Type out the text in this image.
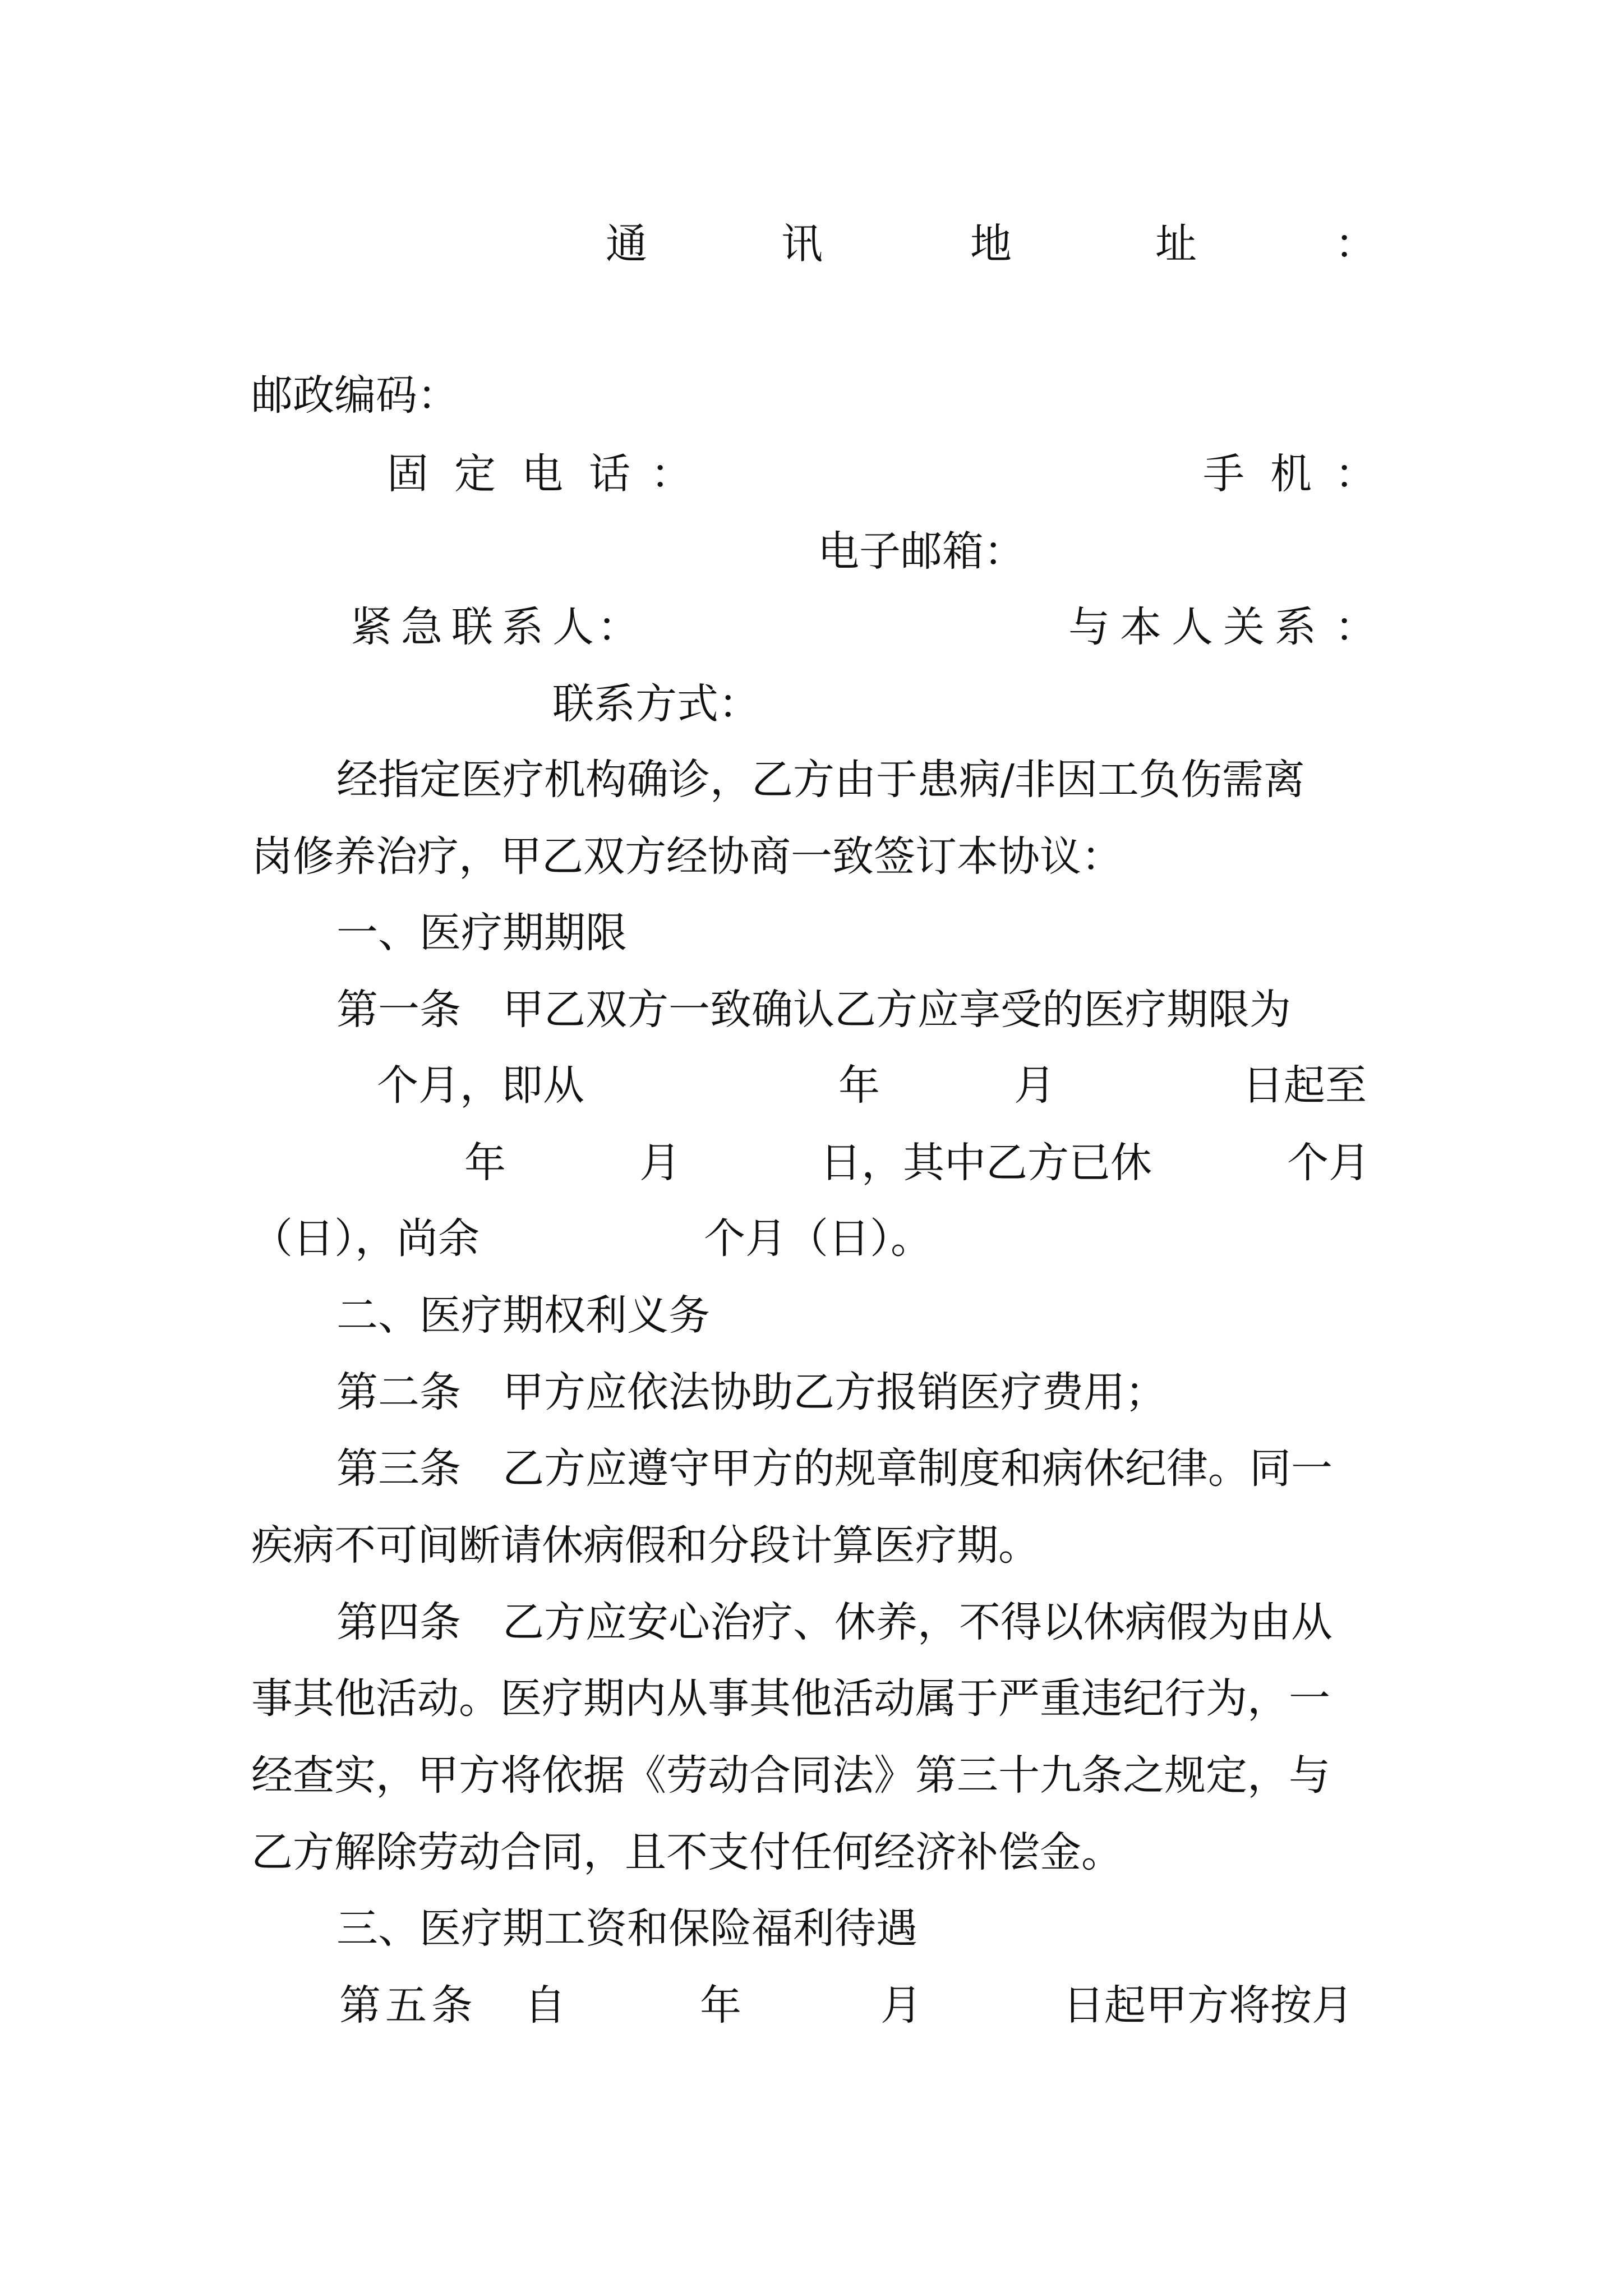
通	讯	地	址	：

邮政编码：

固 定 电 话 ：	手 机 ：

电子邮箱：

紧 急 联 系 人 ：	与 本 人 关 系 ：

联系方式：

经指定医疗机构确诊，乙方由于患病/非因工负伤需离

岗修养治疗，甲乙双方经协商一致签订本协议：

一、医疗期期限

第一条　甲乙双方一致确认乙方应享受的医疗期限为

个月，即从	年	月	日起至
年	月	日，其中乙方已休	个月
（日），尚余	个月（日）。

二、医疗期权利义务

第二条　甲方应依法协助乙方报销医疗费用；

第三条　乙方应遵守甲方的规章制度和病休纪律。同一

疾病不可间断请休病假和分段计算医疗期。

第四条　乙方应安心治疗、休养，不得以休病假为由从

事其他活动。医疗期内从事其他活动属于严重违纪行为，一

经查实，甲方将依据《劳动合同法》第三十九条之规定，与

乙方解除劳动合同，且不支付任何经济补偿金。

三、医疗期工资和保险福利待遇

第五条 自	年	月	日起甲方将按月
